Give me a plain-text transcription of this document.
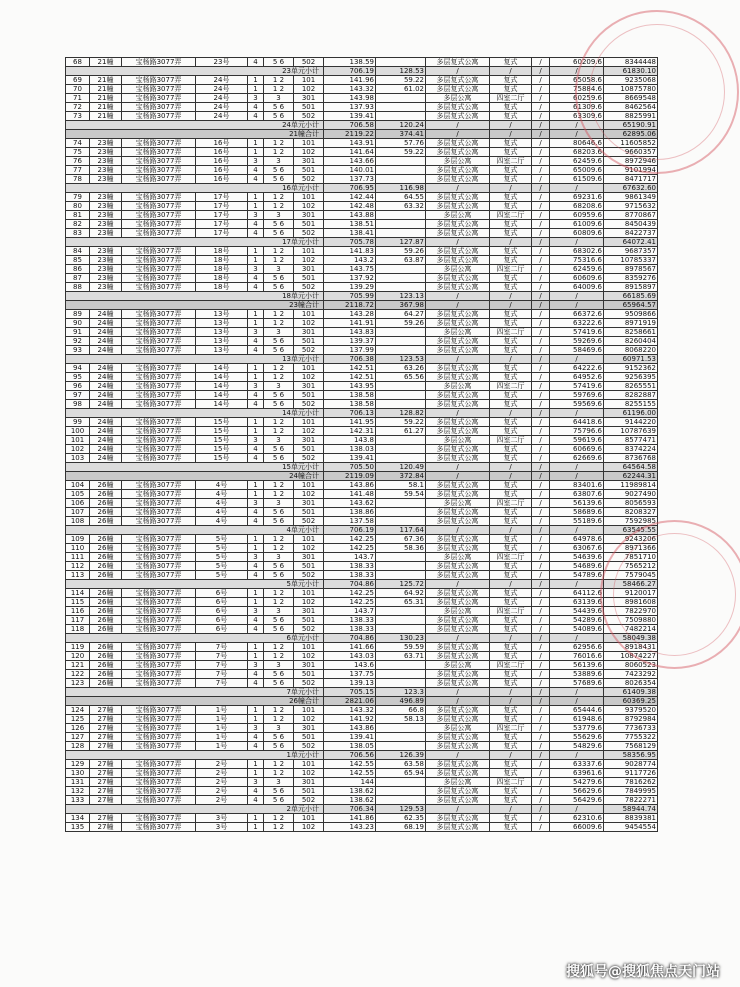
68	21幢	宝杨路3077弄	23号	4	5 6	502	138.59		多层复式公寓	复式	/	60209.6	8344448	
23单元小计							706.19	128.53	/	/	/	/	61830.10	
69	21幢	宝杨路3077弄	24号	1	1 2	101	141.96	59.22	多层复式公寓	复式	/	65058.6	9235068	
70	21幢	宝杨路3077弄	24号	1	1 2	102	143.32	61.02	多层复式公寓	复式	/	75884.6	10875780	
71	21幢	宝杨路3077弄	24号	3	3	301	143.98		多层公寓	四室二厅	/	60259.6	8669548	
72	21幢	宝杨路3077弄	24号	4	5 6	501	137.93		多层复式公寓	复式	/	61309.6	8462564	
73	21幢	宝杨路3077弄	24号	4	5 6	502	139.41		多层复式公寓	复式	/	63309.6	8825991	
24单元小计							706.58	120.24	/	/	/	/	65190.91	
21幢合计							2119.22	374.41	/	/	/	/	62895.06	
74	23幢	宝杨路3077弄	16号	1	1 2	101	143.91	57.76	多层复式公寓	复式	/	80646.6	11605852	
75	23幢	宝杨路3077弄	16号	1	1 2	102	141.64	59.22	多层复式公寓	复式	/	68203.6	9660357	
76	23幢	宝杨路3077弄	16号	3	3	301	143.66		多层公寓	四室二厅	/	62459.6	8972946	
77	23幢	宝杨路3077弄	16号	4	5 6	501	140.01		多层复式公寓	复式	/	65009.6	9101994	
78	23幢	宝杨路3077弄	16号	4	5 6	502	137.73		多层复式公寓	复式	/	61509.6	8471717	
16单元小计							706.95	116.98	/	/	/	/	67632.60	
79	23幢	宝杨路3077弄	17号	1	1 2	101	142.44	64.55	多层复式公寓	复式	/	69231.6	9861349	
80	23幢	宝杨路3077弄	17号	1	1 2	102	142.48	63.32	多层复式公寓	复式	/	68208.6	9715632	
81	23幢	宝杨路3077弄	17号	3	3	301	143.88		多层公寓	四室二厅	/	60959.6	8770867	
82	23幢	宝杨路3077弄	17号	4	5 6	501	138.51		多层复式公寓	复式	/	61009.6	8450439	
83	23幢	宝杨路3077弄	17号	4	5 6	502	138.41		多层复式公寓	复式	/	60809.6	8422737	
17单元小计							705.78	127.87	/	/	/	/	64072.41	
84	23幢	宝杨路3077弄	18号	1	1 2	101	141.83	59.26	多层复式公寓	复式	/	68302.6	9687357	
85	23幢	宝杨路3077弄	18号	1	1 2	102	143.2	63.87	多层复式公寓	复式	/	75316.6	10785337	
86	23幢	宝杨路3077弄	18号	3	3	301	143.75		多层公寓	四室二厅	/	62459.6	8978567	
87	23幢	宝杨路3077弄	18号	4	5 6	501	137.92		多层复式公寓	复式	/	60609.6	8359276	
88	23幢	宝杨路3077弄	18号	4	5 6	502	139.29		多层复式公寓	复式	/	64009.6	8915897	
18单元小计							705.99	123.13	/	/	/	/	66185.69	
23幢合计							2118.72	367.98	/	/	/	/	65964.57	
89	24幢	宝杨路3077弄	13号	1	1 2	101	143.28	64.27	多层复式公寓	复式	/	66372.6	9509866	
90	24幢	宝杨路3077弄	13号	1	1 2	102	141.91	59.26	多层复式公寓	复式	/	63222.6	8971919	
91	24幢	宝杨路3077弄	13号	3	3	301	143.83		多层公寓	四室二厅	/	57419.6	8258661	
92	24幢	宝杨路3077弄	13号	4	5 6	501	139.37		多层复式公寓	复式	/	59269.6	8260404	
93	24幢	宝杨路3077弄	13号	4	5 6	502	137.99		多层复式公寓	复式	/	58469.6	8068220	
13单元小计							706.38	123.53	/	/	/	/	60971.53	
94	24幢	宝杨路3077弄	14号	1	1 2	101	142.51	63.26	多层复式公寓	复式	/	64222.6	9152362	
95	24幢	宝杨路3077弄	14号	1	1 2	102	142.51	65.56	多层复式公寓	复式	/	64952.6	9256395	
96	24幢	宝杨路3077弄	14号	3	3	301	143.95		多层公寓	四室二厅	/	57419.6	8265551	
97	24幢	宝杨路3077弄	14号	4	5 6	501	138.58		多层复式公寓	复式	/	59769.6	8282887	
98	24幢	宝杨路3077弄	14号	4	5 6	502	138.58		多层复式公寓	复式	/	59569.6	8255155	
14单元小计							706.13	128.82	/	/	/	/	61196.00	
99	24幢	宝杨路3077弄	15号	1	1 2	101	141.95	59.22	多层复式公寓	复式	/	64418.6	9144220	
100	24幢	宝杨路3077弄	15号	1	1 2	102	142.31	61.27	多层复式公寓	复式	/	75796.6	10787639	
101	24幢	宝杨路3077弄	15号	3	3	301	143.8		多层公寓	四室二厅	/	59619.6	8577471	
102	24幢	宝杨路3077弄	15号	4	5 6	501	138.03		多层复式公寓	复式	/	60669.6	8374224	
103	24幢	宝杨路3077弄	15号	4	5 6	502	139.41		多层复式公寓	复式	/	62669.6	8736768	
15单元小计							705.50	120.49	/	/	/	/	64564.58	
24幢合计							2119.09	372.84	/	/	/	/	62244.31	
104	26幢	宝杨路3077弄	4号	1	1 2	101	143.86	58.1	多层复式公寓	复式	/	83401.6	11989814	
105	26幢	宝杨路3077弄	4号	1	1 2	102	141.48	59.54	多层复式公寓	复式	/	63807.6	9027490	
106	26幢	宝杨路3077弄	4号	3	3	301	143.62		多层公寓	四室二厅	/	56139.6	8056593	
107	26幢	宝杨路3077弄	4号	4	5 6	501	138.86		多层复式公寓	复式	/	58689.6	8208327	
108	26幢	宝杨路3077弄	4号	4	5 6	502	137.58		多层复式公寓	复式	/	55189.6	7592985	
4单元小计							706.19	117.64	/	/	/	/	63545.55	
109	26幢	宝杨路3077弄	5号	1	1 2	101	142.25	67.36	多层复式公寓	复式	/	64978.6	9243206	
110	26幢	宝杨路3077弄	5号	1	1 2	102	142.25	58.36	多层复式公寓	复式	/	63067.6	8971366	
111	26幢	宝杨路3077弄	5号	3	3	301	143.7		多层公寓	四室二厅	/	54639.6	7851710	
112	26幢	宝杨路3077弄	5号	4	5 6	501	138.33		多层复式公寓	复式	/	54689.6	7565212	
113	26幢	宝杨路3077弄	5号	4	5 6	502	138.33		多层复式公寓	复式	/	54789.6	7579045	
5单元小计							704.86	125.72	/	/	/	/	58466.27	
114	26幢	宝杨路3077弄	6号	1	1 2	101	142.25	64.92	多层复式公寓	复式	/	64112.6	9120017	
115	26幢	宝杨路3077弄	6号	1	1 2	102	142.25	65.31	多层复式公寓	复式	/	63139.6	8981608	
116	26幢	宝杨路3077弄	6号	3	3	301	143.7		多层公寓	四室二厅	/	54439.6	7822970	
117	26幢	宝杨路3077弄	6号	4	5 6	501	138.33		多层复式公寓	复式	/	54289.6	7509880	
118	26幢	宝杨路3077弄	6号	4	5 6	502	138.33		多层复式公寓	复式	/	54089.6	7482214	
6单元小计							704.86	130.23	/	/	/	/	58049.38	
119	26幢	宝杨路3077弄	7号	1	1 2	101	141.66	59.59	多层复式公寓	复式	/	62956.6	8918431	
120	26幢	宝杨路3077弄	7号	1	1 2	102	143.03	63.71	多层复式公寓	复式	/	76016.6	10874227	
121	26幢	宝杨路3077弄	7号	3	3	301	143.6		多层公寓	四室二厅	/	56139.6	8060523	
122	26幢	宝杨路3077弄	7号	4	5 6	501	137.75		多层复式公寓	复式	/	53889.6	7423292	
123	26幢	宝杨路3077弄	7号	4	5 6	502	139.13		多层复式公寓	复式	/	57689.6	8026354	
7单元小计							705.15	123.3	/	/	/	/	61409.38	
26幢合计							2821.06	496.89	/	/	/	/	60369.25	
124	27幢	宝杨路3077弄	1号	1	1 2	101	143.32	66.8	多层复式公寓	复式	/	65444.6	9379520	
125	27幢	宝杨路3077弄	1号	1	1 2	102	141.92	58.13	多层复式公寓	复式	/	61948.6	8792984	
126	27幢	宝杨路3077弄	1号	3	3	301	143.86		多层公寓	四室二厅	/	53779.6	7736733	
127	27幢	宝杨路3077弄	1号	4	5 6	501	139.41		多层复式公寓	复式	/	55629.6	7755322	
128	27幢	宝杨路3077弄	1号	4	5 6	502	138.05		多层复式公寓	复式	/	54829.6	7568129	
1单元小计							706.56	126.39	/	/	/	/	58356.95	
129	27幢	宝杨路3077弄	2号	1	1 2	101	142.55	63.58	多层复式公寓	复式	/	63337.6	9028774	
130	27幢	宝杨路3077弄	2号	1	1 2	102	142.55	65.94	多层复式公寓	复式	/	63961.6	9117726	
131	27幢	宝杨路3077弄	2号	3	3	301	144		多层公寓	四室二厅	/	54279.6	7816262	
132	27幢	宝杨路3077弄	2号	4	5 6	501	138.62		多层复式公寓	复式	/	56629.6	7849995	
133	27幢	宝杨路3077弄	2号	4	5 6	502	138.62		多层复式公寓	复式	/	56429.6	7822271	
2单元小计							706.34	129.53	/	/	/	/	58944.74	
134	27幢	宝杨路3077弄	3号	1	1 2	101	141.86	62.35	多层复式公寓	复式	/	62310.6	8839381	
135	27幢	宝杨路3077弄	3号	1	1 2	102	143.23	68.19	多层复式公寓	复式	/	66009.6	9454554	
搜狐号@搜狐焦点天门站
